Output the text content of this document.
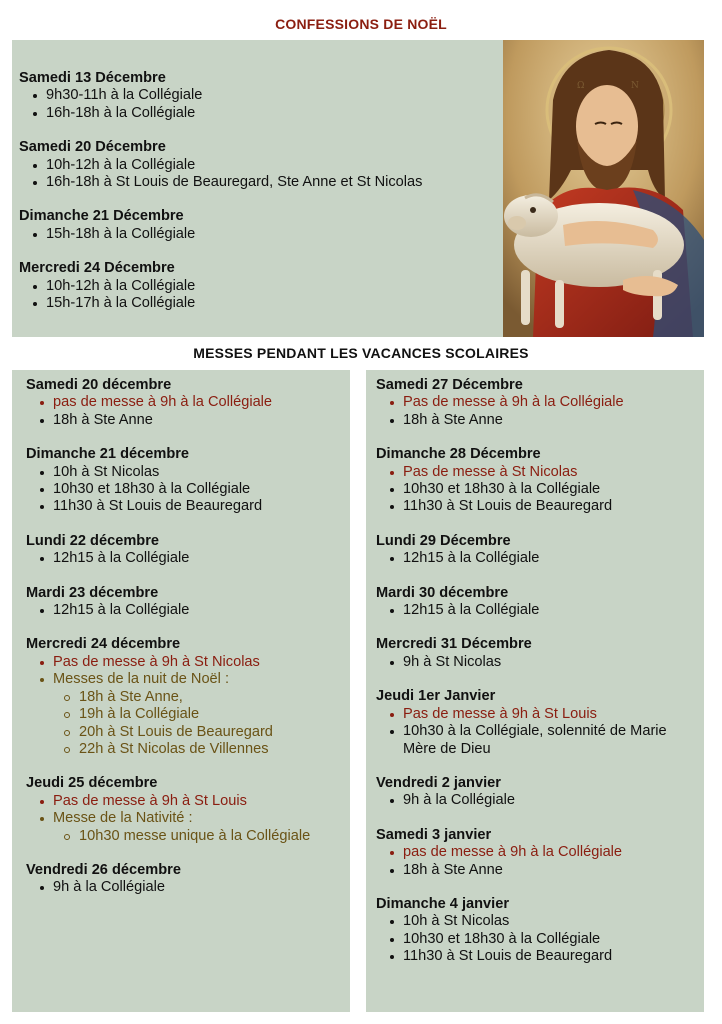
CONFESSIONS DE NOËL
Samedi 13 Décembre
9h30-11h à la Collégiale
16h-18h à la Collégiale
Samedi 20 Décembre
10h-12h à la Collégiale
16h-18h à St Louis de Beauregard, Ste Anne et St Nicolas
Dimanche 21 Décembre
15h-18h à la Collégiale
Mercredi 24 Décembre
10h-12h à la Collégiale
15h-17h à la Collégiale
Ω	Ν
MESSES PENDANT LES VACANCES SCOLAIRES
Samedi 20 décembre
pas de messe à 9h à la Collégiale
18h à Ste Anne
Dimanche 21 décembre
10h à St Nicolas
10h30 et 18h30 à la Collégiale
11h30 à St Louis de Beauregard
Lundi 22 décembre
12h15 à la Collégiale
Mardi 23 décembre
12h15 à la Collégiale
Mercredi 24 décembre
Pas de messe à 9h à St Nicolas
Messes de la nuit de Noël :
18h à Ste Anne,
19h à la Collégiale
20h à St Louis de Beauregard
22h à St Nicolas de Villennes
Jeudi 25 décembre
Pas de messe à 9h à St Louis
Messe de la Nativité :
10h30 messe unique à la Collégiale
Vendredi 26 décembre
9h à la Collégiale
Samedi 27 Décembre
Pas de messe à 9h à la Collégiale
18h à Ste Anne
Dimanche 28 Décembre
Pas de messe à St Nicolas
10h30 et 18h30 à la Collégiale
11h30 à St Louis de Beauregard
Lundi 29 Décembre
12h15 à la Collégiale
Mardi 30 décembre
12h15 à la Collégiale
Mercredi 31 Décembre
9h à St Nicolas
Jeudi 1er Janvier
Pas de messe à 9h à St Louis
10h30 à la Collégiale, solennité de Marie
Mère de Dieu
Vendredi 2 janvier
9h à la Collégiale
Samedi 3 janvier
pas de messe à 9h à la Collégiale
18h à Ste Anne
Dimanche 4 janvier
10h à St Nicolas
10h30 et 18h30 à la Collégiale
11h30 à St Louis de Beauregard
